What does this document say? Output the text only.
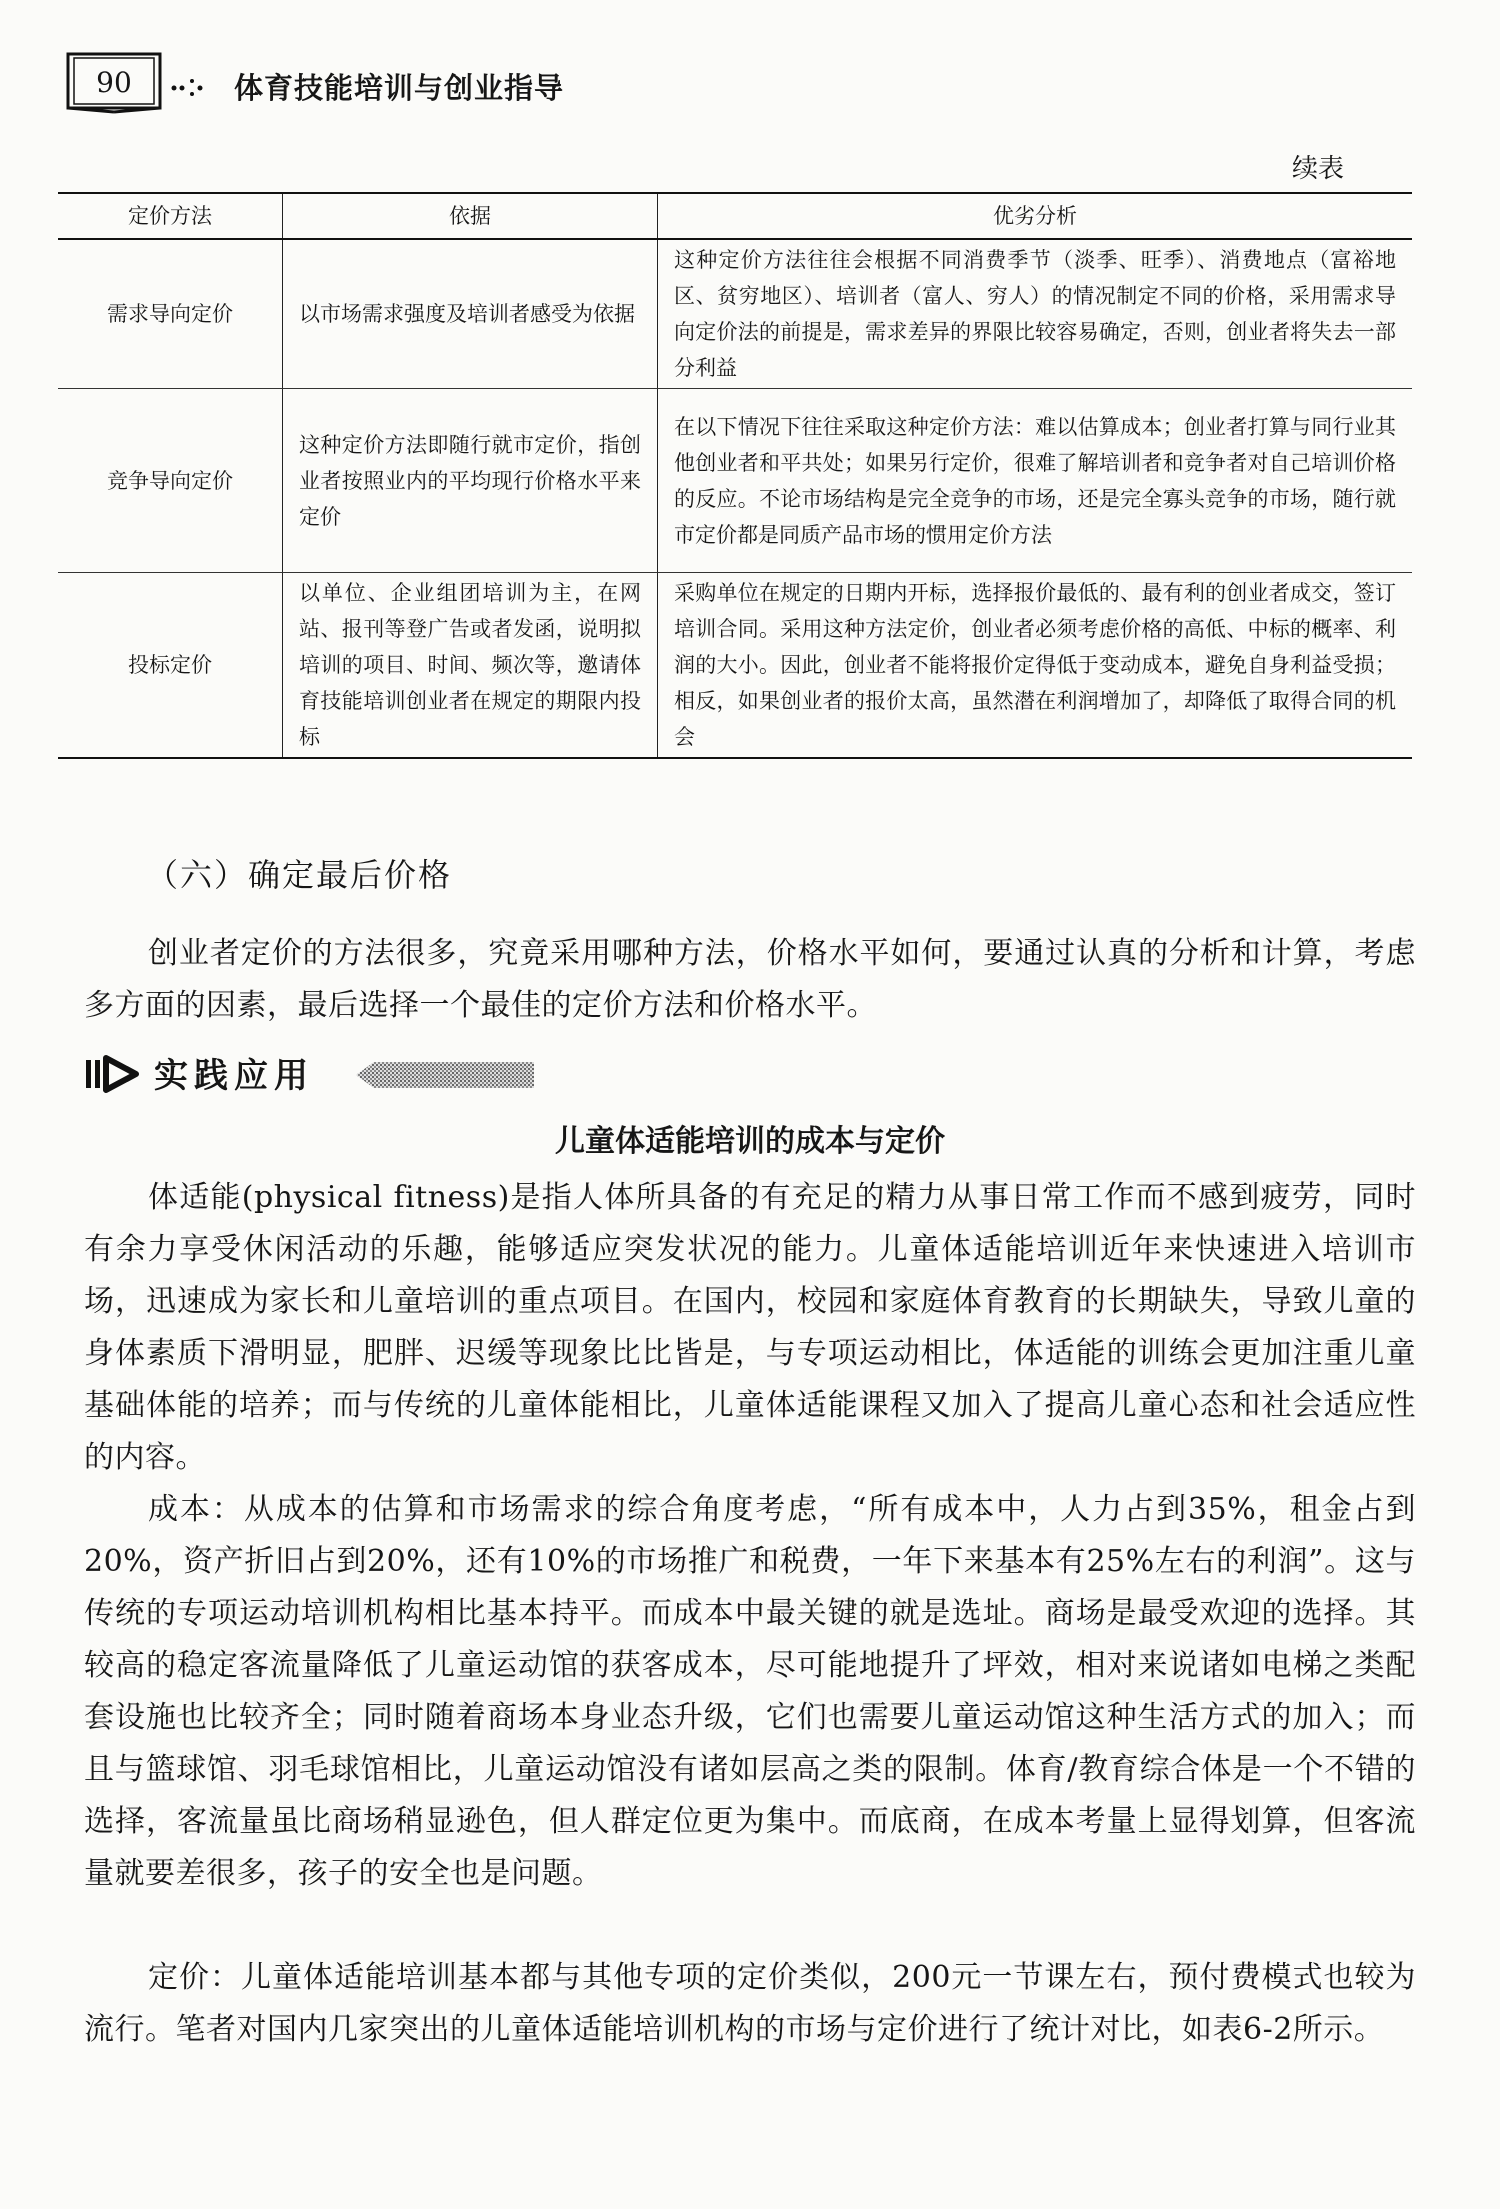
90	体育技能培训与创业指导
续表
定价方法	依据	优劣分析
需求导向定价	以市场需求强度及培训者感受为依据	这种定价方法往往会根据不同消费季节（淡季、旺季）、消费地点（富裕地区、贫穷地区）、培训者（富人、穷人）的情况制定不同的价格，采用需求导向定价法的前提是，需求差异的界限比较容易确定，否则，创业者将失去一部分利益
竞争导向定价	这种定价方法即随行就市定价，指创业者按照业内的平均现行价格水平来定价	在以下情况下往往采取这种定价方法：难以估算成本；创业者打算与同行业其他创业者和平共处；如果另行定价，很难了解培训者和竞争者对自己培训价格的反应。不论市场结构是完全竞争的市场，还是完全寡头竞争的市场，随行就市定价都是同质产品市场的惯用定价方法
投标定价	以单位、企业组团培训为主，在网站、报刊等登广告或者发函，说明拟培训的项目、时间、频次等，邀请体育技能培训创业者在规定的期限内投标	采购单位在规定的日期内开标，选择报价最低的、最有利的创业者成交，签订培训合同。采用这种方法定价，创业者必须考虑价格的高低、中标的概率、利润的大小。因此，创业者不能将报价定得低于变动成本，避免自身利益受损；相反，如果创业者的报价太高，虽然潜在利润增加了，却降低了取得合同的机会
（六）确定最后价格
创业者定价的方法很多，究竟采用哪种方法，价格水平如何，要通过认真的分析和计算，考虑多方面的因素，最后选择一个最佳的定价方法和价格水平。
实践应用
儿童体适能培训的成本与定价
体适能(physical fitness)是指人体所具备的有充足的精力从事日常工作而不感到疲劳，同时有余力享受休闲活动的乐趣，能够适应突发状况的能力。儿童体适能培训近年来快速进入培训市场，迅速成为家长和儿童培训的重点项目。在国内，校园和家庭体育教育的长期缺失，导致儿童的身体素质下滑明显，肥胖、迟缓等现象比比皆是，与专项运动相比，体适能的训练会更加注重儿童基础体能的培养；而与传统的儿童体能相比，儿童体适能课程又加入了提高儿童心态和社会适应性的内容。
成本：从成本的估算和市场需求的综合角度考虑，“所有成本中，人力占到35%，租金占到20%，资产折旧占到20%，还有10%的市场推广和税费，一年下来基本有25%左右的利润”。这与传统的专项运动培训机构相比基本持平。而成本中最关键的就是选址。商场是最受欢迎的选择。其较高的稳定客流量降低了儿童运动馆的获客成本，尽可能地提升了坪效，相对来说诸如电梯之类配套设施也比较齐全；同时随着商场本身业态升级，它们也需要儿童运动馆这种生活方式的加入；而且与篮球馆、羽毛球馆相比，儿童运动馆没有诸如层高之类的限制。体育/教育综合体是一个不错的选择，客流量虽比商场稍显逊色，但人群定位更为集中。而底商，在成本考量上显得划算，但客流量就要差很多，孩子的安全也是问题。
定价：儿童体适能培训基本都与其他专项的定价类似，200元一节课左右，预付费模式也较为流行。笔者对国内几家突出的儿童体适能培训机构的市场与定价进行了统计对比，如表6-2所示。
